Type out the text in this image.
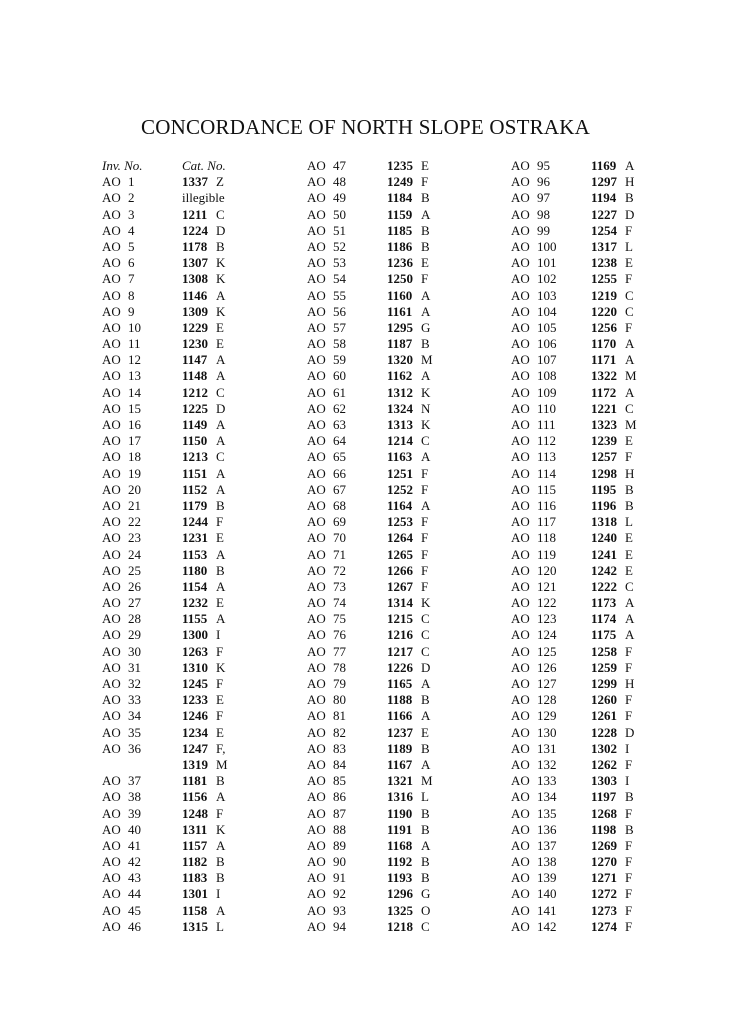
CONCORDANCE OF NORTH SLOPE OSTRAKA
Inv. No.	Cat. No.
AO 1	1337 Z
AO 2	illegible
AO 3	1211 C
AO 4	1224 D
AO 5	1178 B
AO 6	1307 K
AO 7	1308 K
AO 8	1146 A
AO 9	1309 K
AO 10	1229 E
AO 11	1230 E
AO 12	1147 A
AO 13	1148 A
AO 14	1212 C
AO 15	1225 D
AO 16	1149 A
AO 17	1150 A
AO 18	1213 C
AO 19	1151 A
AO 20	1152 A
AO 21	1179 B
AO 22	1244 F
AO 23	1231 E
AO 24	1153 A
AO 25	1180 B
AO 26	1154 A
AO 27	1232 E
AO 28	1155 A
AO 29	1300 I
AO 30	1263 F
AO 31	1310 K
AO 32	1245 F
AO 33	1233 E
AO 34	1246 F
AO 35	1234 E
AO 36	1247 F,
1319 M
AO 37	1181 B
AO 38	1156 A
AO 39	1248 F
AO 40	1311 K
AO 41	1157 A
AO 42	1182 B
AO 43	1183 B
AO 44	1301 I
AO 45	1158 A
AO 46	1315 L
AO 47	1235 E
AO 48	1249 F
AO 49	1184 B
AO 50	1159 A
AO 51	1185 B
AO 52	1186 B
AO 53	1236 E
AO 54	1250 F
AO 55	1160 A
AO 56	1161 A
AO 57	1295 G
AO 58	1187 B
AO 59	1320 M
AO 60	1162 A
AO 61	1312 K
AO 62	1324 N
AO 63	1313 K
AO 64	1214 C
AO 65	1163 A
AO 66	1251 F
AO 67	1252 F
AO 68	1164 A
AO 69	1253 F
AO 70	1264 F
AO 71	1265 F
AO 72	1266 F
AO 73	1267 F
AO 74	1314 K
AO 75	1215 C
AO 76	1216 C
AO 77	1217 C
AO 78	1226 D
AO 79	1165 A
AO 80	1188 B
AO 81	1166 A
AO 82	1237 E
AO 83	1189 B
AO 84	1167 A
AO 85	1321 M
AO 86	1316 L
AO 87	1190 B
AO 88	1191 B
AO 89	1168 A
AO 90	1192 B
AO 91	1193 B
AO 92	1296 G
AO 93	1325 O
AO 94	1218 C
AO 95	1169 A
AO 96	1297 H
AO 97	1194 B
AO 98	1227 D
AO 99	1254 F
AO 100	1317 L
AO 101	1238 E
AO 102	1255 F
AO 103	1219 C
AO 104	1220 C
AO 105	1256 F
AO 106	1170 A
AO 107	1171 A
AO 108	1322 M
AO 109	1172 A
AO 110	1221 C
AO 111	1323 M
AO 112	1239 E
AO 113	1257 F
AO 114	1298 H
AO 115	1195 B
AO 116	1196 B
AO 117	1318 L
AO 118	1240 E
AO 119	1241 E
AO 120	1242 E
AO 121	1222 C
AO 122	1173 A
AO 123	1174 A
AO 124	1175 A
AO 125	1258 F
AO 126	1259 F
AO 127	1299 H
AO 128	1260 F
AO 129	1261 F
AO 130	1228 D
AO 131	1302 I
AO 132	1262 F
AO 133	1303 I
AO 134	1197 B
AO 135	1268 F
AO 136	1198 B
AO 137	1269 F
AO 138	1270 F
AO 139	1271 F
AO 140	1272 F
AO 141	1273 F
AO 142	1274 F
